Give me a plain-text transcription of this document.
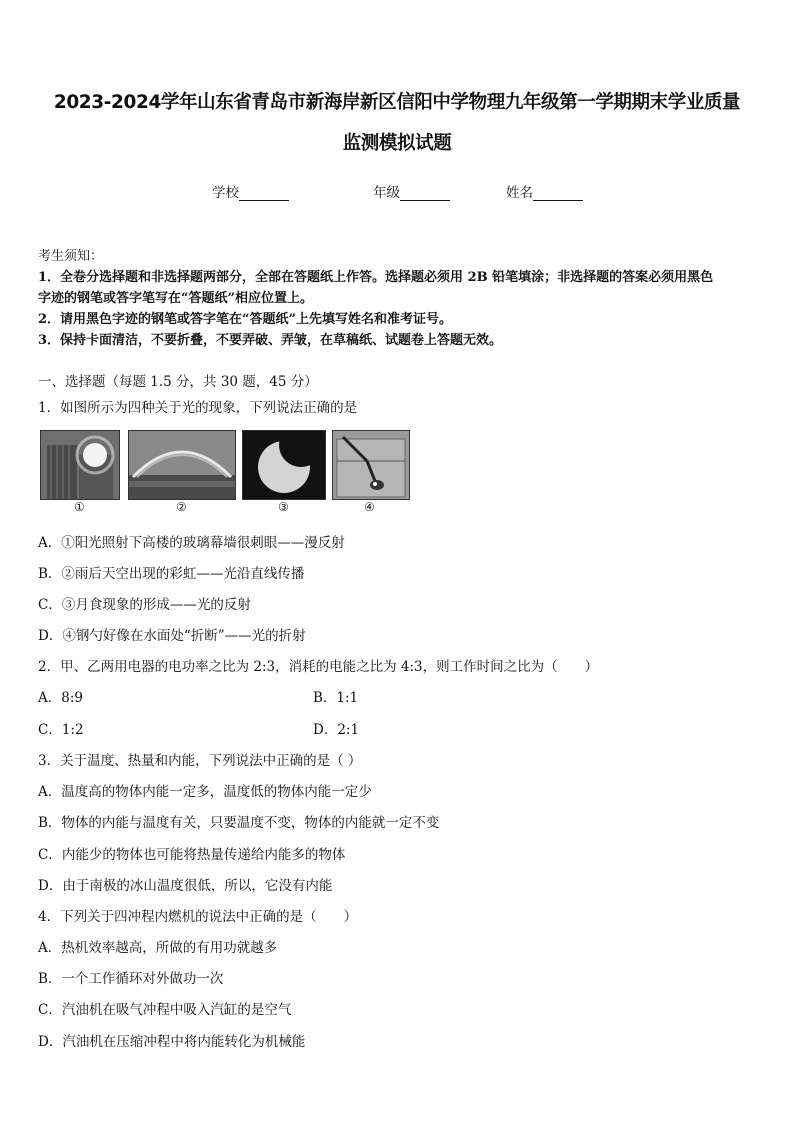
2023-2024学年山东省青岛市新海岸新区信阳中学物理九年级第一学期期末学业质量
监测模拟试题
学校	年级	姓名
考生须知：
1．全卷分选择题和非选择题两部分，全部在答题纸上作答。选择题必须用 2B 铅笔填涂；非选择题的答案必须用黑色
字迹的钢笔或答字笔写在“答题纸”相应位置上。
2．请用黑色字迹的钢笔或答字笔在“答题纸”上先填写姓名和准考证号。
3．保持卡面清洁，不要折叠，不要弄破、弄皱，在草稿纸、试题卷上答题无效。
一、选择题（每题 1.5 分，共 30 题，45 分）
1．如图所示为四种关于光的现象，下列说法正确的是
①	②	③	④
A．①阳光照射下高楼的玻璃幕墙很刺眼——漫反射
B．②雨后天空出现的彩虹——光沿直线传播
C．③月食现象的形成——光的反射
D．④钢勺好像在水面处“折断”——光的折射
2．甲、乙两用电器的电功率之比为 2:3，消耗的电能之比为 4:3，则工作时间之比为（　　）
A．8:9	B．1:1
C．1:2	D．2:1
3．关于温度、热量和内能，下列说法中正确的是（ ）
A．温度高的物体内能一定多，温度低的物体内能一定少
B．物体的内能与温度有关，只要温度不变，物体的内能就一定不变
C．内能少的物体也可能将热量传递给内能多的物体
D．由于南极的冰山温度很低，所以，它没有内能
4．下列关于四冲程内燃机的说法中正确的是（　　）
A．热机效率越高，所做的有用功就越多
B．一个工作循环对外做功一次
C．汽油机在吸气冲程中吸入汽缸的是空气
D．汽油机在压缩冲程中将内能转化为机械能
